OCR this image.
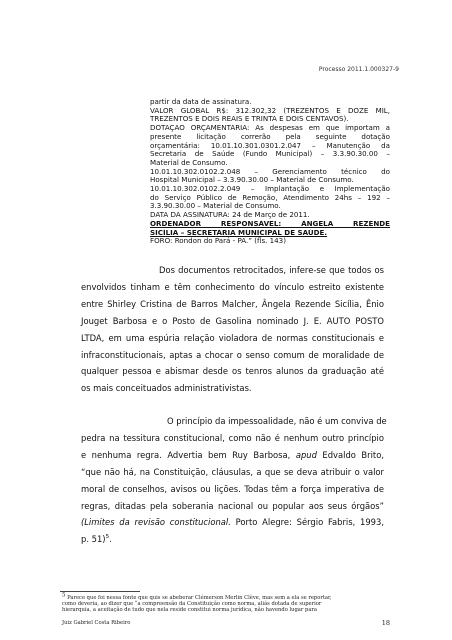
Processo 2011.1.000327-9
partir da data de assinatura.
VALOR GLOBAL R$: 312.302,32 (TREZENTOS E DOZE MIL,
TREZENTOS E DOIS REAIS E TRINTA E DOIS CENTAVOS).
DOTAÇÃO ORÇAMENTÁRIA: As despesas em que importam a
presente licitação correrão pela seguinte dotação
orçamentária: 10.01.10.301.0301.2.047 – Manutenção da
Secretaria de Saúde (Fundo Municipal) – 3.3.90.30.00 –
Material de Consumo.
10.01.10.302.0102.2.048 – Gerenciamento técnico do
Hospital Municipal – 3.3.90.30.00 – Material de Consumo.
10.01.10.302.0102.2.049 – Implantação e Implementação
do Serviço Público de Remoção, Atendimento 24hs – 192 –
3.3.90.30.00 – Material de Consumo.
DATA DA ASSINATURA: 24 de Março de 2011.
ORDENADOR RESPONSÁVEL: ÂNGELA REZENDE
SICÍLIA – SECRETÁRIA MUNICIPAL DE SAÚDE.
FORO: Rondon do Pará - PA.” (fls. 143)
Dos documentos retrocitados, infere-se que todos os
envolvidos tinham e têm conhecimento do vínculo estreito existente
entre Shirley Cristina de Barros Malcher, Ângela Rezende Sicília, Ênio
Jouget Barbosa e o Posto de Gasolina nominado J. E. AUTO POSTO
LTDA, em uma espúria relação violadora de normas constitucionais e
infraconstitucionais, aptas a chocar o senso comum de moralidade de
qualquer pessoa e abismar desde os tenros alunos da graduação até
os mais conceituados administrativistas.
O princípio da impessoalidade, não é um conviva de
pedra na tessitura constitucional, como não é nenhum outro princípio
e nenhuma regra. Advertia bem Ruy Barbosa, apud Edvaldo Brito,
“que não há, na Constituição, cláusulas, a que se deva atribuir o valor
moral de conselhos, avisos ou lições. Todas têm a força imperativa de
regras, ditadas pela soberania nacional ou popular aos seus órgãos”
(Limites da revisão constitucional. Porto Alegre: Sérgio Fabris, 1993,
p. 51)$^5$.
$^5$ Parece que foi nessa fonte que quis se abeberar Clémerson Merlin Clève, mas sem a ela se reportar,
como deveria, ao dizer que “a compreensão da Constituição como norma, aliás dotada de superior
hierarquia, a aceitação de tudo que nela reside constitui norma jurídica, não havendo lugar para
Juiz Gabriel Costa Ribeiro	18
